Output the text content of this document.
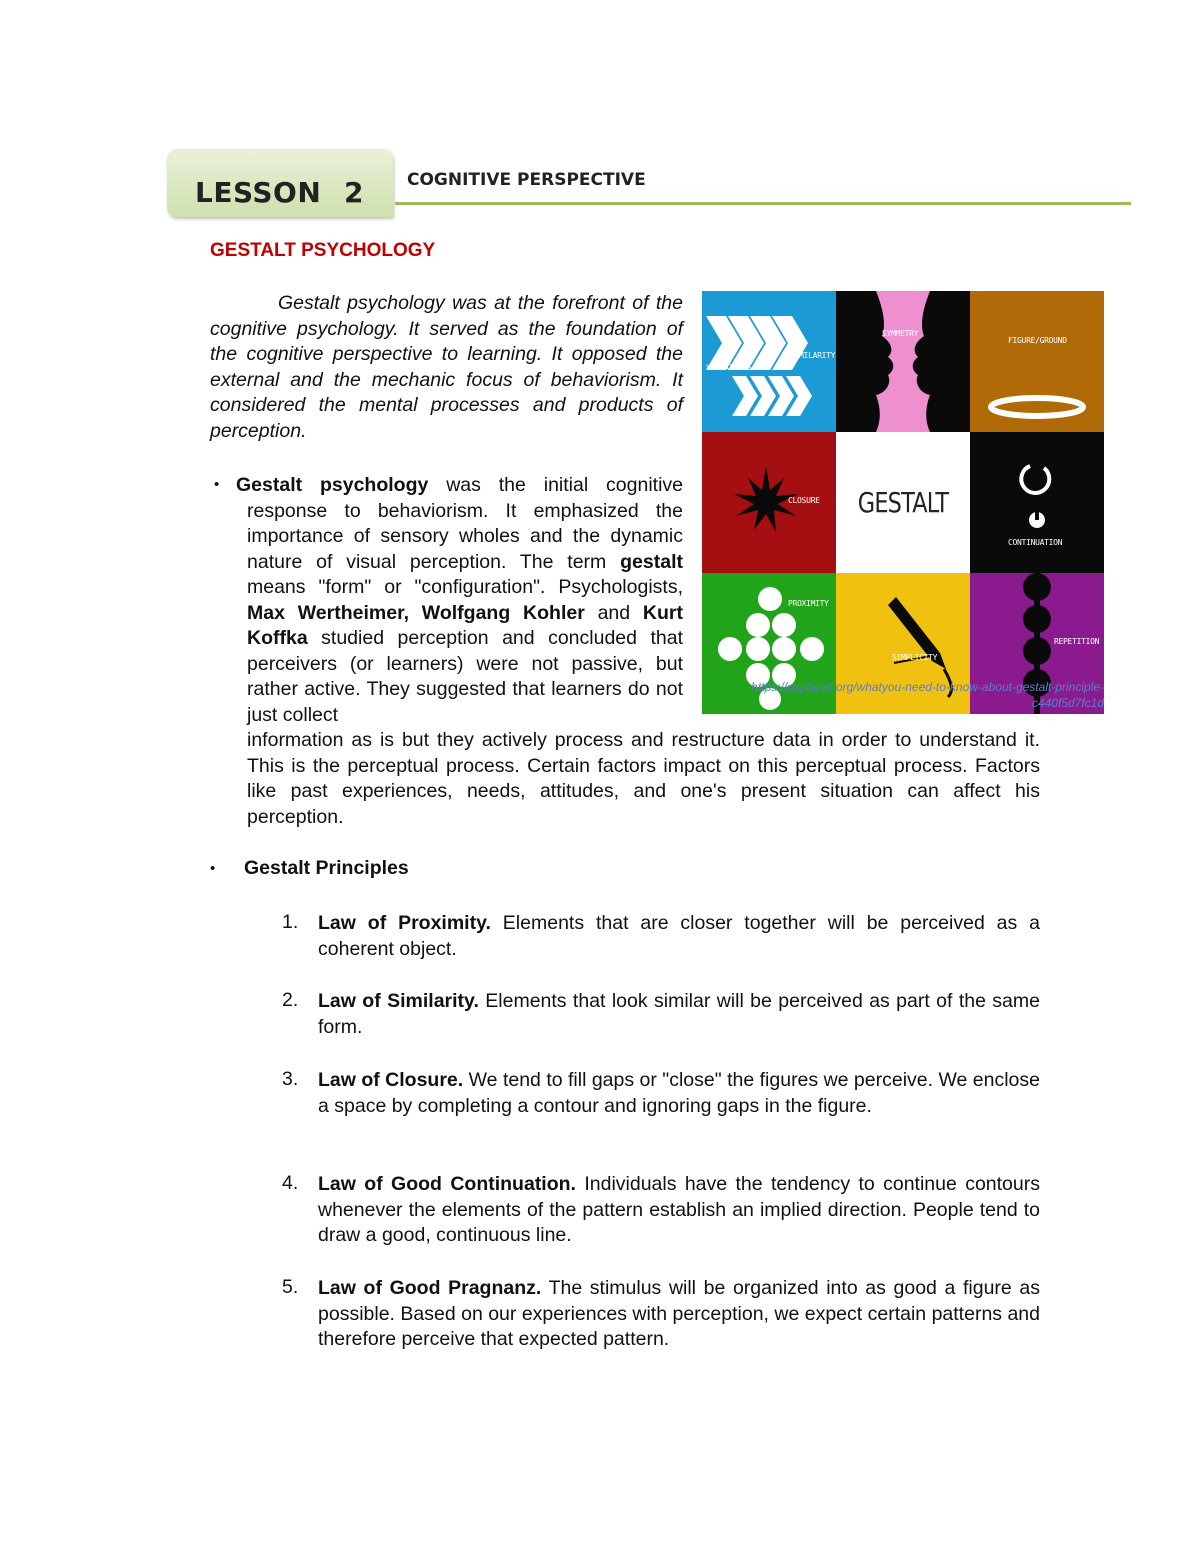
LESSON 2	COGNITIVE PERSPECTIVE
GESTALT PSYCHOLOGY
Gestalt psychology was at the forefront of the cognitive psychology. It served as the foundation of the cognitive perspective to learning. It opposed the external and the mechanic focus of behaviorism. It considered the mental processes and products of perception.
• Gestalt psychology was the initial cognitive response to behaviorism. It emphasized the importance of sensory wholes and the dynamic nature of visual perception. The term gestalt means "form" or "configuration". Psychologists, Max Wertheimer, Wolfgang Kohler and Kurt Koffka studied perception and concluded that perceivers (or learners) were not passive, but rather active. They suggested that learners do not just collect
information as is but they actively process and restructure data in order to understand it. This is the perceptual process. Certain factors impact on this perceptual process. Factors like past experiences, needs, attitudes, and one's present situation can affect his perception.
• Gestalt Principles
1. Law of Proximity. Elements that are closer together will be perceived as a coherent object.
2. Law of Similarity. Elements that look similar will be perceived as part of the same form.
3. Law of Closure. We tend to fill gaps or "close" the figures we perceive. We enclose a space by completing a contour and ignoring gaps in the figure.
4. Law of Good Continuation. Individuals have the tendency to continue contours whenever the elements of the pattern establish an implied direction. People tend to draw a good, continuous line.
5. Law of Good Pragnanz. The stimulus will be organized into as good a figure as possible. Based on our experiences with perception, we expect certain patterns and therefore perceive that expected pattern.
SIMILARITY
VARIATIONS
SYMMETRY
FIGURE/GROUND
CLOSURE GESTALT
CONTINUATION
PROXIMITY
SIMPLICITY
REPETITION
https://uxplanet.org/whatyou-need-to-know-about-gestalt-principle-c440f5d7fc1d
